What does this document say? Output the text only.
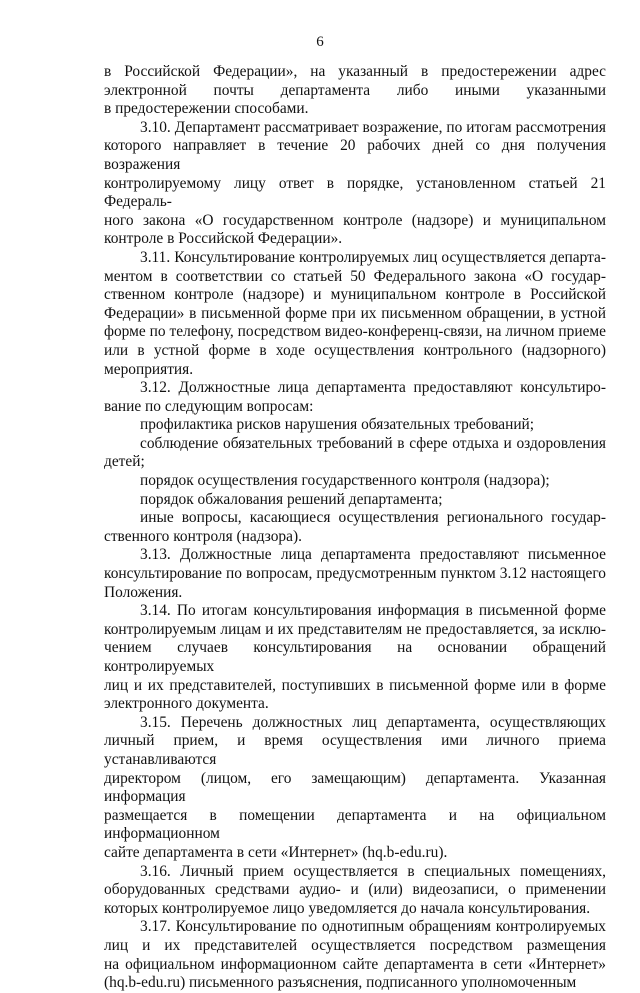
6
в Российской Федерации», на указанный в предостережении адрес
электронной почты департамента либо иными указанными
в предостережении способами.
3.10. Департамент рассматривает возражение, по итогам рассмотрения
которого направляет в течение 20 рабочих дней со дня получения возражения
контролируемому лицу ответ в порядке, установленном статьей 21 Федераль-
ного закона «О государственном контроле (надзоре) и муниципальном
контроле в Российской Федерации».
3.11. Консультирование контролируемых лиц осуществляется департа-
ментом в соответствии со статьей 50 Федерального закона «О государ-
ственном контроле (надзоре) и муниципальном контроле в Российской
Федерации» в письменной форме при их письменном обращении, в устной
форме по телефону, посредством видео-конференц-связи, на личном приеме
или в устной форме в ходе осуществления контрольного (надзорного)
мероприятия.
3.12. Должностные лица департамента предоставляют консультиро-
вание по следующим вопросам:
профилактика рисков нарушения обязательных требований;
соблюдение обязательных требований в сфере отдыха и оздоровления
детей;
порядок осуществления государственного контроля (надзора);
порядок обжалования решений департамента;
иные вопросы, касающиеся осуществления регионального государ-
ственного контроля (надзора).
3.13. Должностные лица департамента предоставляют письменное
консультирование по вопросам, предусмотренным пунктом 3.12 настоящего
Положения.
3.14. По итогам консультирования информация в письменной форме
контролируемым лицам и их представителям не предоставляется, за исклю-
чением случаев консультирования на основании обращений контролируемых
лиц и их представителей, поступивших в письменной форме или в форме
электронного документа.
3.15. Перечень должностных лиц департамента, осуществляющих
личный прием, и время осуществления ими личного приема устанавливаются
директором (лицом, его замещающим) департамента. Указанная информация
размещается в помещении департамента и на официальном информационном
сайте департамента в сети «Интернет» (hq.b-edu.ru).
3.16. Личный прием осуществляется в специальных помещениях,
оборудованных средствами аудио- и (или) видеозаписи, о применении
которых контролируемое лицо уведомляется до начала консультирования.
3.17. Консультирование по однотипным обращениям контролируемых
лиц и их представителей осуществляется посредством размещения
на официальном информационном сайте департамента в сети «Интернет»
(hq.b-edu.ru) письменного разъяснения, подписанного уполномоченным
